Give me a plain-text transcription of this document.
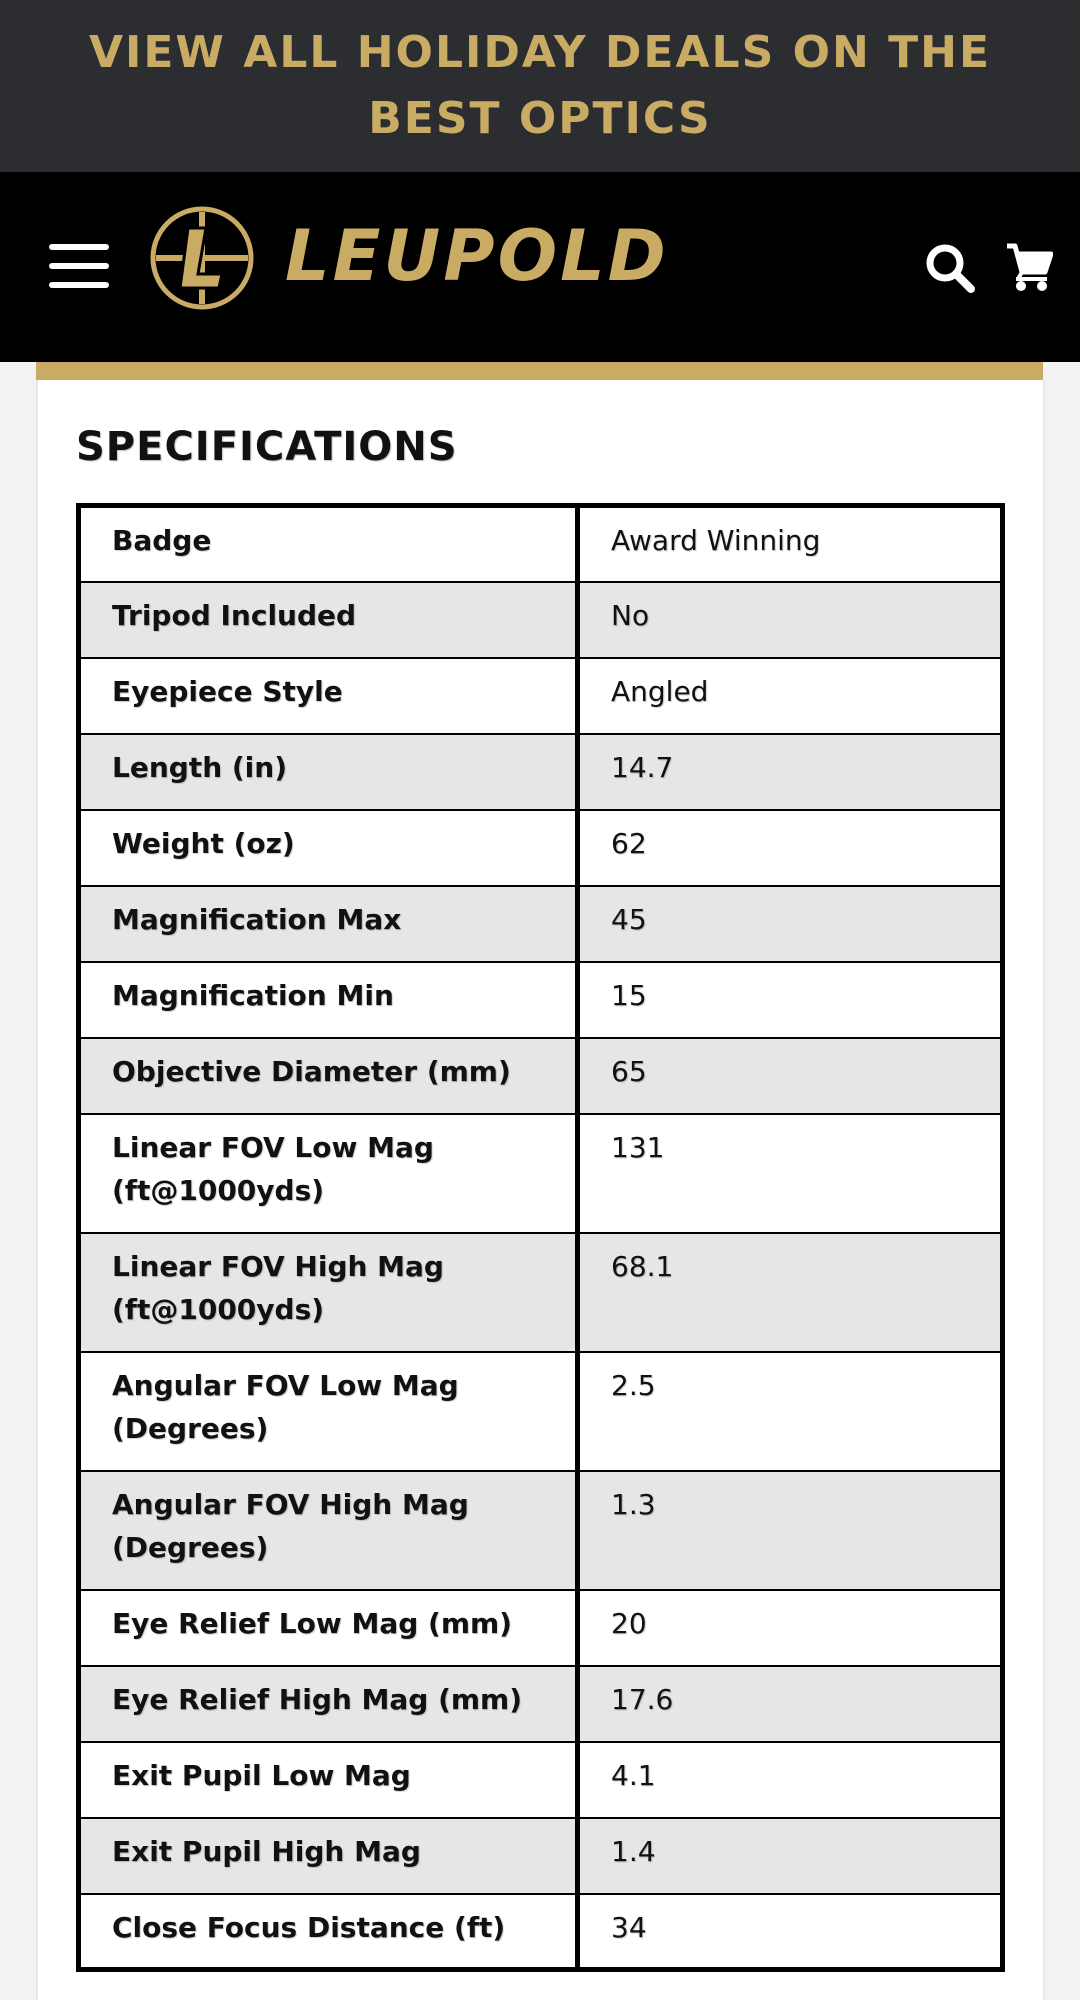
VIEW ALL HOLIDAY DEALS ON THE BEST OPTICS
LEUPOLD
SPECIFICATIONS
Badge	Award Winning
Tripod Included	No
Eyepiece Style	Angled
Length (in)	14.7
Weight (oz)	62
Magnification Max	45
Magnification Min	15
Objective Diameter (mm)	65
Linear FOV Low Mag (ft@1000yds)	131
Linear FOV High Mag (ft@1000yds)	68.1
Angular FOV Low Mag (Degrees)	2.5
Angular FOV High Mag (Degrees)	1.3
Eye Relief Low Mag (mm)	20
Eye Relief High Mag (mm)	17.6
Exit Pupil Low Mag	4.1
Exit Pupil High Mag	1.4
Close Focus Distance (ft)	34
